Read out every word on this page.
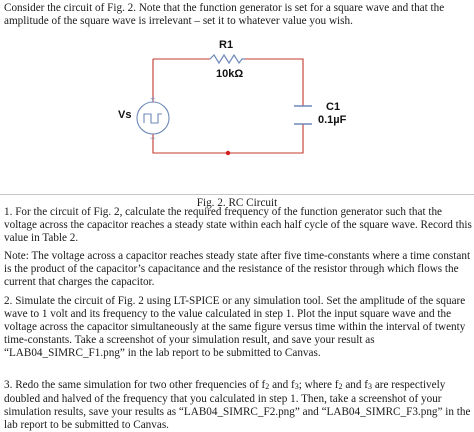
Consider the circuit of Fig. 2. Note that the function generator is set for a square wave and that the amplitude of the square wave is irrelevant – set it to whatever value you wish.

R1
10kΩ
C1
0.1µF
Vs
+
−
Fig. 2. RC Circuit

1. For the circuit of Fig. 2, calculate the required frequency of the function generator such that the voltage across the capacitor reaches a steady state within each half cycle of the square wave. Record this value in Table 2.

Note: The voltage across a capacitor reaches steady state after five time-constants where a time constant is the product of the capacitor’s capacitance and the resistance of the resistor through which flows the current that charges the capacitor.

2. Simulate the circuit of Fig. 2 using LT-SPICE or any simulation tool. Set the amplitude of the square wave to 1 volt and its frequency to the value calculated in step 1. Plot the input square wave and the voltage across the capacitor simultaneously at the same figure versus time within the interval of twenty time-constants. Take a screenshot of your simulation result, and save your result as “LAB04_SIMRC_F1.png” in the lab report to be submitted to Canvas.

3. Redo the same simulation for two other frequencies of f2 and f3; where f2 and f3 are respectively doubled and halved of the frequency that you calculated in step 1. Then, take a screenshot of your simulation results, save your results as “LAB04_SIMRC_F2.png” and “LAB04_SIMRC_F3.png” in the lab report to be submitted to Canvas.
